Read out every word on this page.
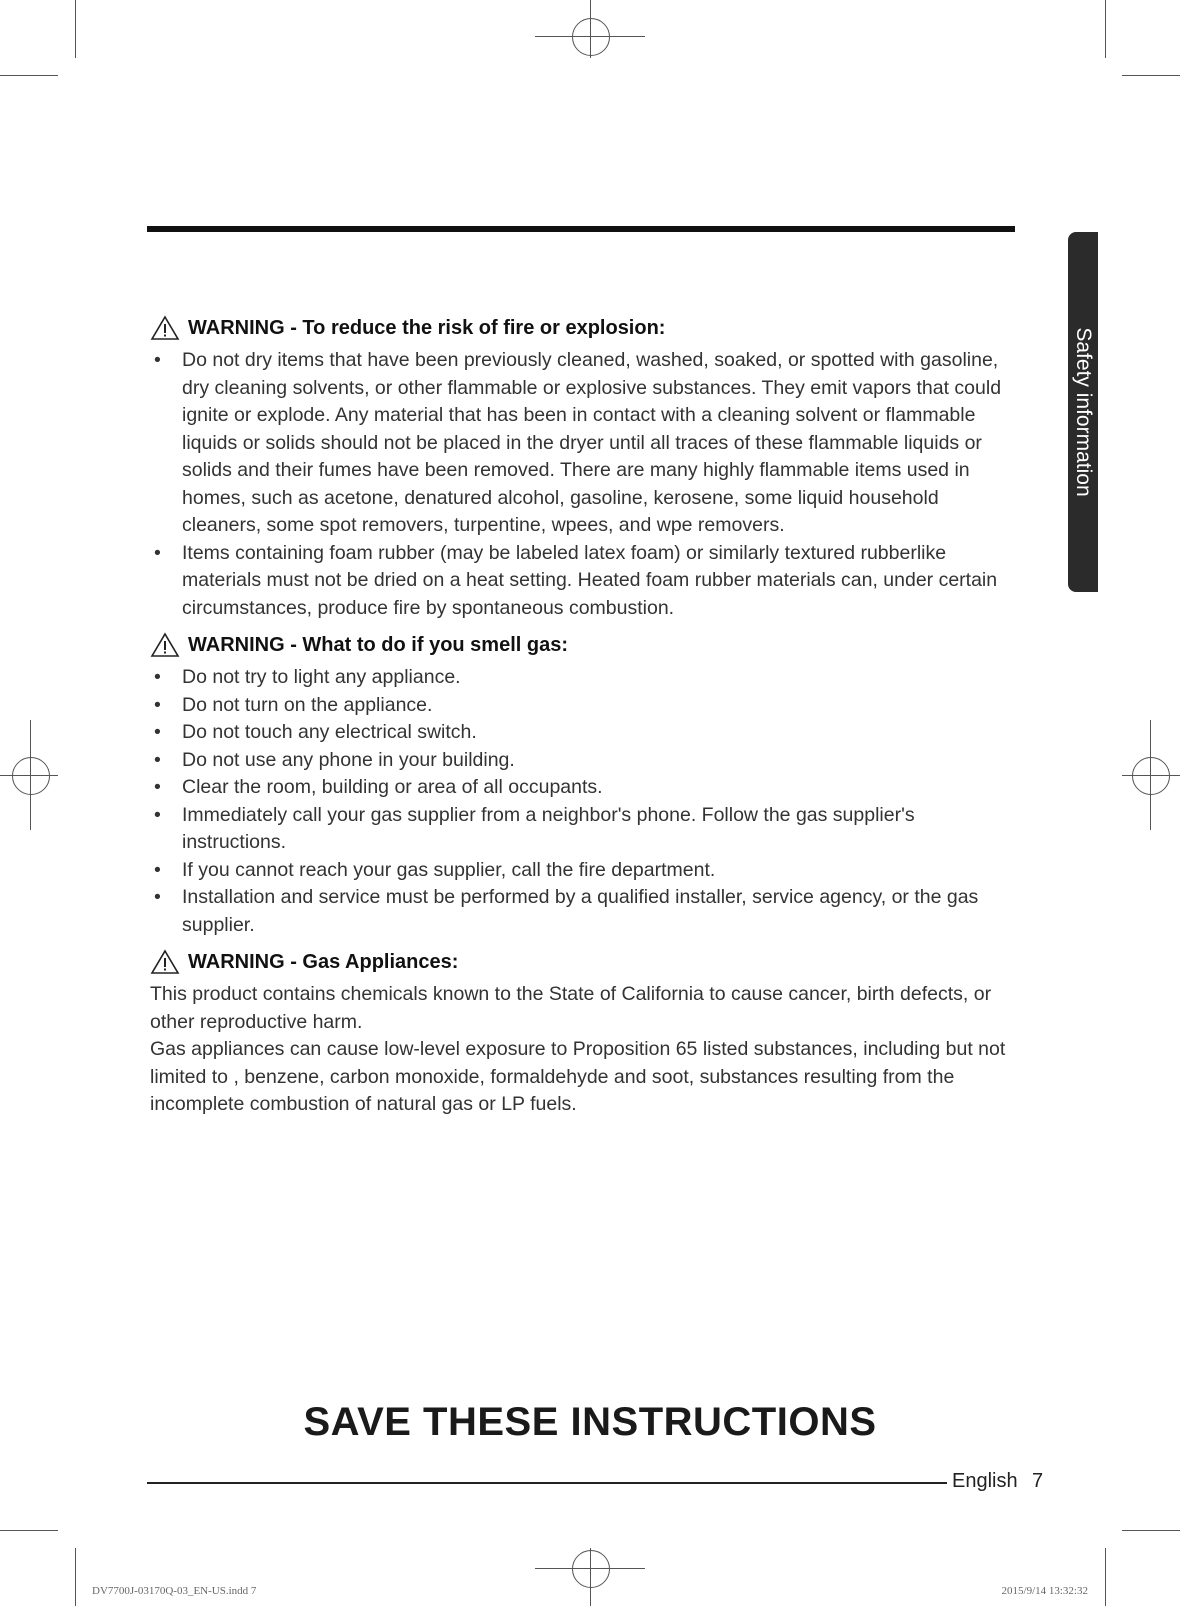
Safety information
WARNING - To reduce the risk of fire or explosion:
• Do not dry items that have been previously cleaned, washed, soaked, or spotted with gasoline, dry cleaning solvents, or other flammable or explosive substances. They emit vapors that could ignite or explode. Any material that has been in contact with a cleaning solvent or flammable liquids or solids should not be placed in the dryer until all traces of these flammable liquids or solids and their fumes have been removed. There are many highly flammable items used in homes, such as acetone, denatured alcohol, gasoline, kerosene, some liquid household cleaners, some spot removers, turpentine, wpees, and wpe removers.
• Items containing foam rubber (may be labeled latex foam) or similarly textured rubberlike materials must not be dried on a heat setting. Heated foam rubber materials can, under certain circumstances, produce fire by spontaneous combustion.
WARNING - What to do if you smell gas:
• Do not try to light any appliance.
• Do not turn on the appliance.
• Do not touch any electrical switch.
• Do not use any phone in your building.
• Clear the room, building or area of all occupants.
• Immediately call your gas supplier from a neighbor's phone. Follow the gas supplier's instructions.
• If you cannot reach your gas supplier, call the fire department.
• Installation and service must be performed by a qualified installer, service agency, or the gas supplier.
WARNING - Gas Appliances:

This product contains chemicals known to the State of California to cause cancer, birth defects, or other reproductive harm.

Gas appliances can cause low-level exposure to Proposition 65 listed substances, including but not limited to , benzene, carbon monoxide, formaldehyde and soot, substances resulting from the incomplete combustion of natural gas or LP fuels.

SAVE THESE INSTRUCTIONS
English 7
DV7700J-03170Q-03_EN-US.indd 7	2015/9/14 13:32:32
